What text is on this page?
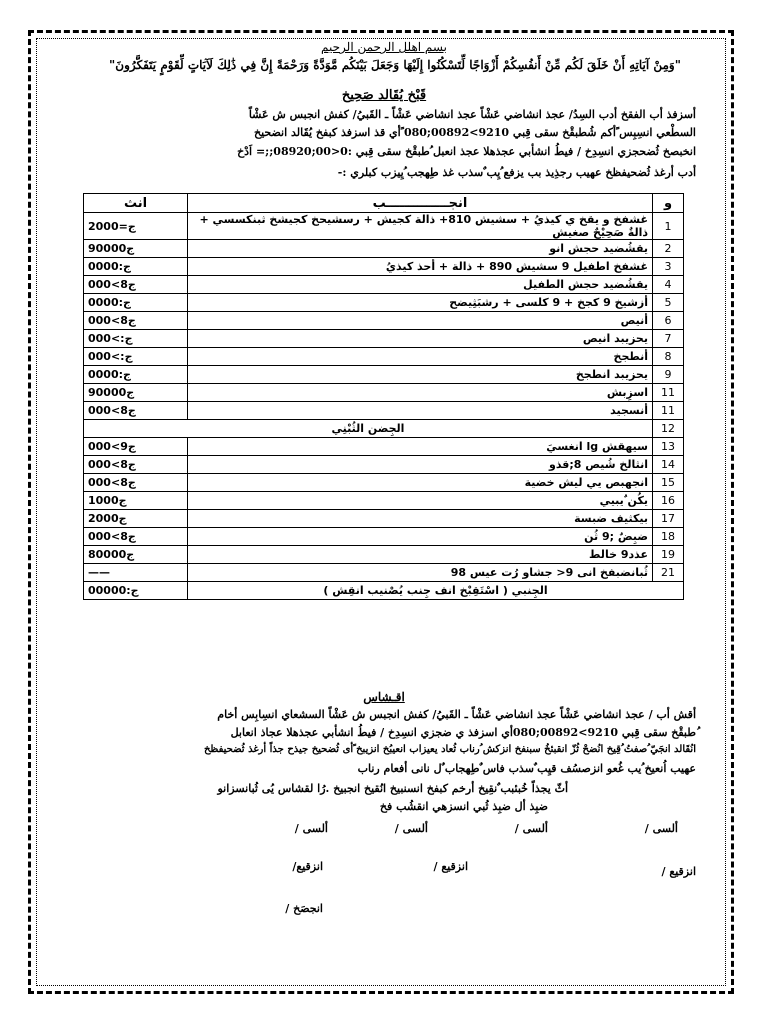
بسم اهلل الرحمن الرحيم
"وَمِنْ آيَاتِهِ أَنْ خَلَقَ لَكُم مِّنْ أَنفُسِكُمْ أَزْوَاجًا لِّتَسْكُنُوا إِلَيْهَا وَجَعَلَ بَيْنَكُم مَّوَدَّةً وَرَحْمَةً إِنَّ فِي ذَٰلِكَ لَآيَاتٍ لِّقَوْمٍ يَتَفَكَّرُونَ"
قَبْخ يُقَالد صَحِيخ
أسزفذ أب الفقخ أدب السِدُ/ عجذ انشاضي عَشْاً عجذ انشاضي عَشْاً ـ القَبيُ/ كفش انجبس ش عَشْاً
السطْعي انسِبِس ًأكم شُطبقْخ سقى قِبي 9210>00892;080 ًأي قذ اسزفذ كبفخ يُقَالد انضحيخ
انخبصخ ثُضحجزي انسِدِخ / فيطُ انشأبي عجذهلا عجذ انعبل ُطبقْخ سقى قِبي :0<00;08920;;= اَدْخ
أدب أرغذ ثُضحيفظخ عهيب رجذِيذ بب يزفع ُيِب ٌسذب غذ طِهجب ُيِيزب كبلري :-
انث	انجــــــــــــــب	و
ج=2000	غشفخ و يقخ ي كيذيُ + سشيش 810+ ذالة كجيش + رسشيحخ كجيشخ ثبنكسسي + ذالةٌ صَحِيْحٌ صغيش	1
ج90000	يقشُضيد حجش انو	2
ج:0000	غشفخ اطفيل 9 سشيش 890 + ذالة + أحذ كيذيُ	3
ج8>000	يقشُضيد حجش الطفيل	4
ج:0000	أزشيخ 9 كجخ + 9 كلسى + رشبَثِيضح	5
ج8>000	أنيص	6
ج:>000	يحزيبد انيص	7
ج:>000	أنطجخ	8
ج:0000	يحزيبد انطجخ	9
ج90000	اسزِبش	11
ج8>000	أنسجيد	11
الجِضن الثُبْنِي		12
ج9>000	سيهقش lg انغسيَ	13
ج8>000	انثالخ شُيص 8;قذو	14
ج8>000	انجهبص يي ليش خضية	15
ج1000	يكُن ٌيبيي	16
ج2000	بيكثيف ضبسة	17
ج8>000	ضبِضٌ ;9 ثُن	18
ج80000	عذد9 خالط	19
——	ثُبانضبفخ انى 9< جشاو رُت عيس 98	21
ج:00000	الجِنبي ( اسْتَقِبْخ انف جِنب يُصْنيب انقِش )	
اقـشاس
أقش أب / عجذ انشاضي عَشْاً عجذ انشاضي عَشْاً ـ القَبيُ/ كفش انجبس ش عَشْاً السشعاي انسِابِس أخام
ُطبقْخ سقى قِبي 9210>00892;080أي اسزفذ ي ضجزي انسِدِخ / فيطُ انشأبي عجذهلا عجاذ انعابل
انُقَالد انجَيّ ُصفتُ ُقِيخ انُضحْ ثُزّ انقبئخُ سبنفخ انزكش ُرناب ثُعاد يعيزاب انعيبُخ انزيبخ ًأى ثُضحيخ جيذح جذاً أرغذ ثُضحيفظخ
عهيب اُنعيخ ُيب غُعو انزصسُف قيِب ٌسذب فاس ٌطِهجاب ٌل نانى أفعام رناب
أثّ يجذاً خُبئبب ٌنقِيخ أرخم كبفخ انسنبيخ انُقيخ انجبيخ .رُا لقشاس يُى ثُبانسزانو
ضبِذ أل ضبِذ ثُبي انسزهي انقشُب فخ
ألسى /
ألسى /
ألسى /
ألسى /
انزقيع /
انزقيع /
انزقيع/
انجصَخ /
